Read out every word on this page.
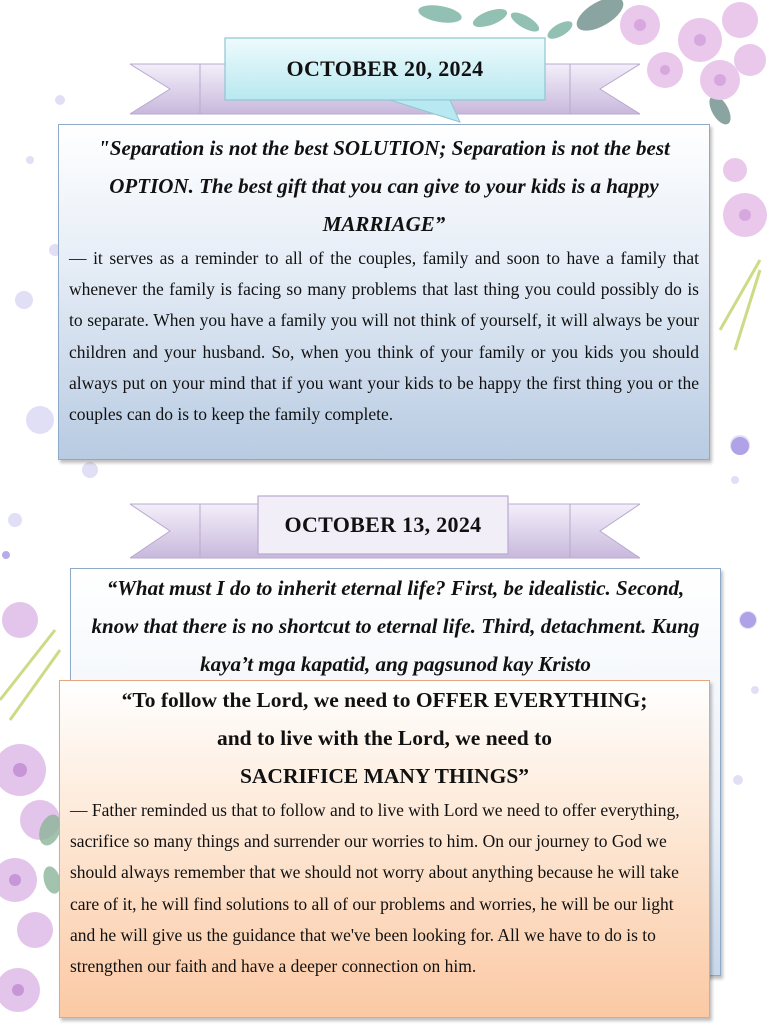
OCTOBER 20, 2024
"Separation is not the best SOLUTION; Separation is not the best OPTION. The best gift that you can give to your kids is a happy MARRIAGE”
— it serves as a reminder to all of the couples, family and soon to have a family that whenever the family is facing so many problems that last thing you could possibly do is to separate. When you have a family you will not think of yourself, it will always be your children and your husband. So, when you think of your family or you kids you should always put on your mind that if you want your kids to be happy the first thing you or the couples can do is to keep the family complete.
OCTOBER 13, 2024
“What must I do to inherit eternal life? First, be idealistic. Second, know that there is no shortcut to eternal life. Third, detachment. Kung kaya’t mga kapatid, ang pagsunod kay Kristo
“To follow the Lord, we need to OFFER EVERYTHING;
and to live with the Lord, we need to
SACRIFICE MANY THINGS”
— Father reminded us that to follow and to live with Lord we need to offer everything, sacrifice so many things and surrender our worries to him. On our journey to God we should always remember that we should not worry about anything because he will take care of it, he will find solutions to all of our problems and worries, he will be our light and he will give us the guidance that we've been looking for. All we have to do is to strengthen our faith and have a deeper connection on him.
